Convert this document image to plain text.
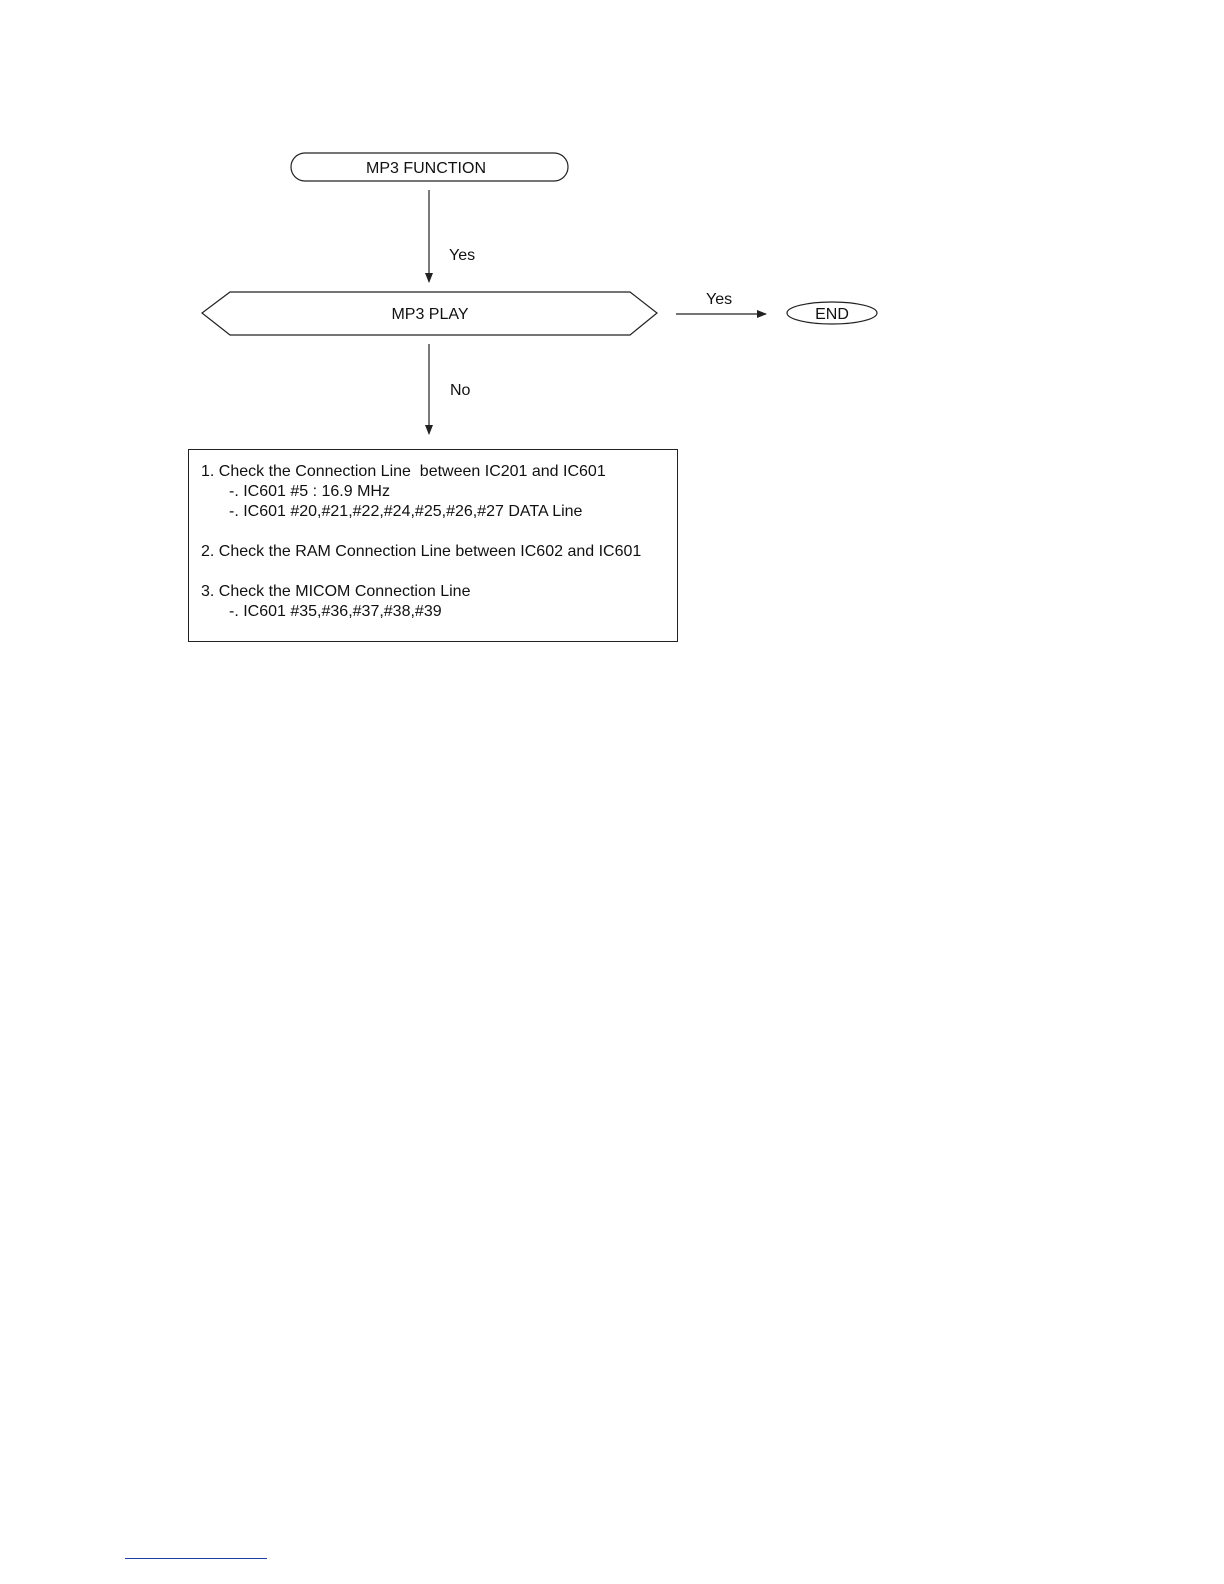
MP3 FUNCTION
Yes
MP3 PLAY
Yes
END
No
1. Check the Connection Line  between IC201 and IC601
-. IC601 #5 : 16.9 MHz
-. IC601 #20,#21,#22,#24,#25,#26,#27 DATA Line
2. Check the RAM Connection Line between IC602 and IC601
3. Check the MICOM Connection Line
-. IC601 #35,#36,#37,#38,#39
